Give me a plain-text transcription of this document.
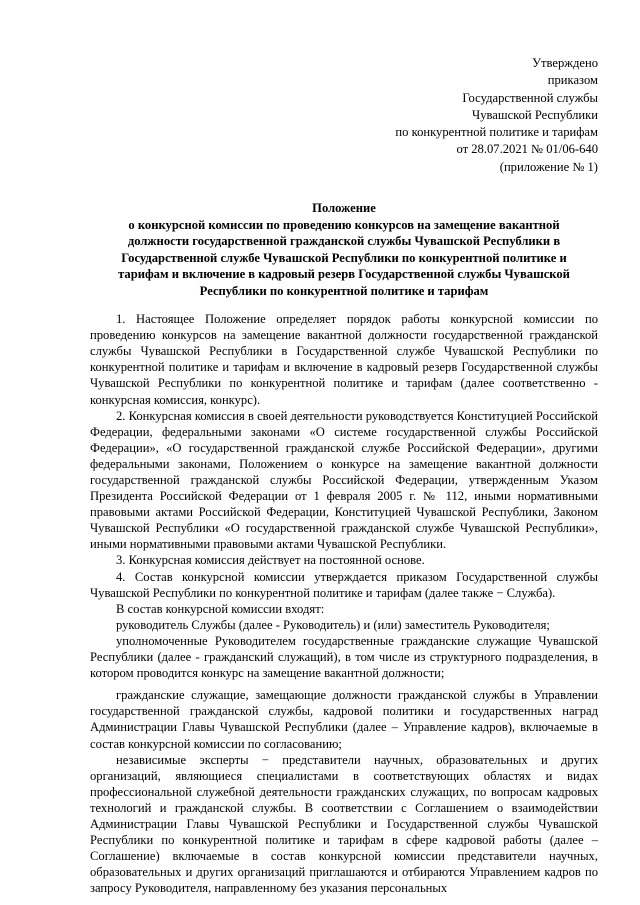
Утверждено
приказом
Государственной службы
Чувашской Республики
по конкурентной политике и тарифам
от 28.07.2021 № 01/06-640
(приложение № 1)
Положение
о конкурсной комиссии по проведению конкурсов на замещение вакантной
должности государственной гражданской службы Чувашской Республики в
Государственной службе Чувашской Республики по конкурентной политике и
тарифам и включение в кадровый резерв Государственной службы Чувашской
Республики по конкурентной политике и тарифам

1. Настоящее Положение определяет порядок работы конкурсной комиссии по проведению конкурсов на замещение вакантной должности государственной гражданской службы Чувашской Республики в Государственной службе Чувашской Республики по конкурентной политике и тарифам и включение в кадровый резерв Государственной службы Чувашской Республики по конкурентной политике и тарифам (далее соответственно - конкурсная комиссия, конкурс).

2. Конкурсная комиссия в своей деятельности руководствуется Конституцией Российской Федерации, федеральными законами «О системе государственной службы Российской Федерации», «О государственной гражданской службе Российской Федерации», другими федеральными законами, Положением о конкурсе на замещение вакантной должности государственной гражданской службы Российской Федерации, утвержденным Указом Президента Российской Федерации от 1 февраля 2005 г. № 112, иными нормативными правовыми актами Российской Федерации, Конституцией Чувашской Республики, Законом Чувашской Республики «О государственной гражданской службе Чувашской Республики», иными нормативными правовыми актами Чувашской Республики.

3. Конкурсная комиссия действует на постоянной основе.

4. Состав конкурсной комиссии утверждается приказом Государственной службы Чувашской Республики по конкурентной политике и тарифам (далее также − Служба).

В состав конкурсной комиссии входят:

руководитель Службы (далее - Руководитель) и (или) заместитель Руководителя;

уполномоченные Руководителем государственные гражданские служащие Чувашской Республики (далее - гражданский служащий), в том числе из структурного подразделения, в котором проводится конкурс на замещение вакантной должности;

гражданские служащие, замещающие должности гражданской службы в Управлении государственной гражданской службы, кадровой политики и государственных наград Администрации Главы Чувашской Республики (далее – Управление кадров), включаемые в состав конкурсной комиссии по согласованию;

независимые эксперты − представители научных, образовательных и других организаций, являющиеся специалистами в соответствующих областях и видах профессиональной служебной деятельности гражданских служащих, по вопросам кадровых технологий и гражданской службы. В соответствии с Соглашением о взаимодействии Администрации Главы Чувашской Республики и Государственной службы Чувашской Республики по конкурентной политике и тарифам в сфере кадровой работы (далее – Соглашение) включаемые в состав конкурсной комиссии представители научных, образовательных и других организаций приглашаются и отбираются Управлением кадров по запросу Руководителя, направленному без указания персональных
